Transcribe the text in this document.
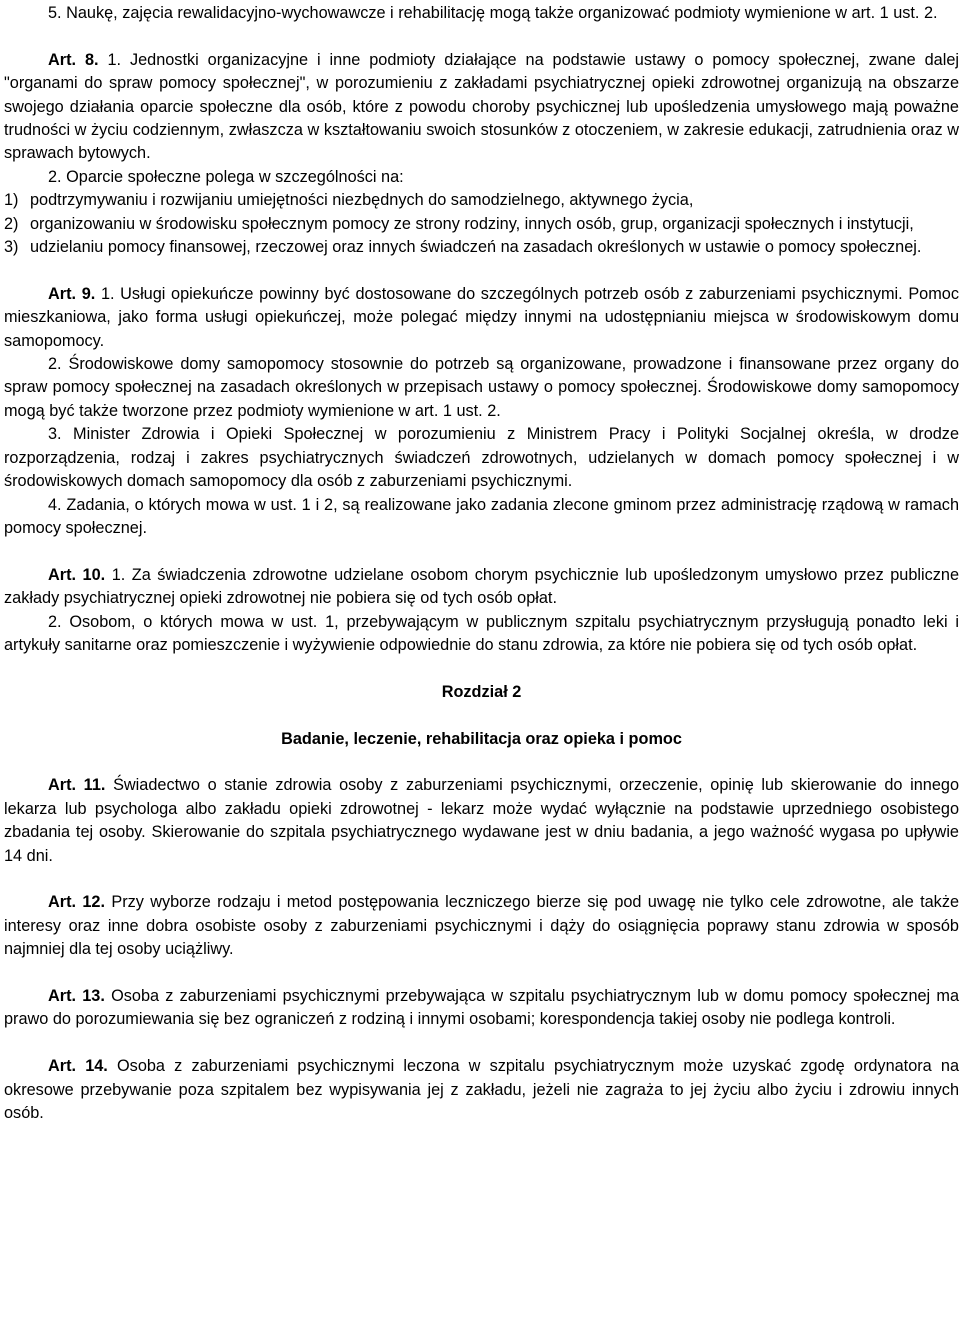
5. Naukę, zajęcia rewalidacyjno-wychowawcze i rehabilitację mogą także organizować podmioty wymienione w art. 1 ust. 2.

Art. 8. 1. Jednostki organizacyjne i inne podmioty działające na podstawie ustawy o pomocy społecznej, zwane dalej "organami do spraw pomocy społecznej", w porozumieniu z zakładami psychiatrycznej opieki zdrowotnej organizują na obszarze swojego działania oparcie społeczne dla osób, które z powodu choroby psychicznej lub upośledzenia umysłowego mają poważne trudności w życiu codziennym, zwłaszcza w kształtowaniu swoich stosunków z otoczeniem, w zakresie edukacji, zatrudnienia oraz w sprawach bytowych.

2. Oparcie społeczne polega w szczególności na:

1) podtrzymywaniu i rozwijaniu umiejętności niezbędnych do samodzielnego, aktywnego życia,
2) organizowaniu w środowisku społecznym pomocy ze strony rodziny, innych osób, grup, organizacji społecznych i instytucji,
3) udzielaniu pomocy finansowej, rzeczowej oraz innych świadczeń na zasadach określonych w ustawie o pomocy społecznej.

Art. 9. 1. Usługi opiekuńcze powinny być dostosowane do szczególnych potrzeb osób z zaburzeniami psychicznymi. Pomoc mieszkaniowa, jako forma usługi opiekuńczej, może polegać między innymi na udostępnianiu miejsca w środowiskowym domu samopomocy.

2. Środowiskowe domy samopomocy stosownie do potrzeb są organizowane, prowadzone i finansowane przez organy do spraw pomocy społecznej na zasadach określonych w przepisach ustawy o pomocy społecznej. Środowiskowe domy samopomocy mogą być także tworzone przez podmioty wymienione w art. 1 ust. 2.

3. Minister Zdrowia i Opieki Społecznej w porozumieniu z Ministrem Pracy i Polityki Socjalnej określa, w drodze rozporządzenia, rodzaj i zakres psychiatrycznych świadczeń zdrowotnych, udzielanych w domach pomocy społecznej i w środowiskowych domach samopomocy dla osób z zaburzeniami psychicznymi.

4. Zadania, o których mowa w ust. 1 i 2, są realizowane jako zadania zlecone gminom przez administrację rządową w ramach pomocy społecznej.

Art. 10. 1. Za świadczenia zdrowotne udzielane osobom chorym psychicznie lub upośledzonym umysłowo przez publiczne zakłady psychiatrycznej opieki zdrowotnej nie pobiera się od tych osób opłat.

2. Osobom, o których mowa w ust. 1, przebywającym w publicznym szpitalu psychiatrycznym przysługują ponadto leki i artykuły sanitarne oraz pomieszczenie i wyżywienie odpowiednie do stanu zdrowia, za które nie pobiera się od tych osób opłat.

Rozdział 2

Badanie, leczenie, rehabilitacja oraz opieka i pomoc

Art. 11. Świadectwo o stanie zdrowia osoby z zaburzeniami psychicznymi, orzeczenie, opinię lub skierowanie do innego lekarza lub psychologa albo zakładu opieki zdrowotnej - lekarz może wydać wyłącznie na podstawie uprzedniego osobistego zbadania tej osoby. Skierowanie do szpitala psychiatrycznego wydawane jest w dniu badania, a jego ważność wygasa po upływie 14 dni.

Art. 12. Przy wyborze rodzaju i metod postępowania leczniczego bierze się pod uwagę nie tylko cele zdrowotne, ale także interesy oraz inne dobra osobiste osoby z zaburzeniami psychicznymi i dąży do osiągnięcia poprawy stanu zdrowia w sposób najmniej dla tej osoby uciążliwy.

Art. 13. Osoba z zaburzeniami psychicznymi przebywająca w szpitalu psychiatrycznym lub w domu pomocy społecznej ma prawo do porozumiewania się bez ograniczeń z rodziną i innymi osobami; korespondencja takiej osoby nie podlega kontroli.

Art. 14. Osoba z zaburzeniami psychicznymi leczona w szpitalu psychiatrycznym może uzyskać zgodę ordynatora na okresowe przebywanie poza szpitalem bez wypisywania jej z zakładu, jeżeli nie zagraża to jej życiu albo życiu i zdrowiu innych osób.
